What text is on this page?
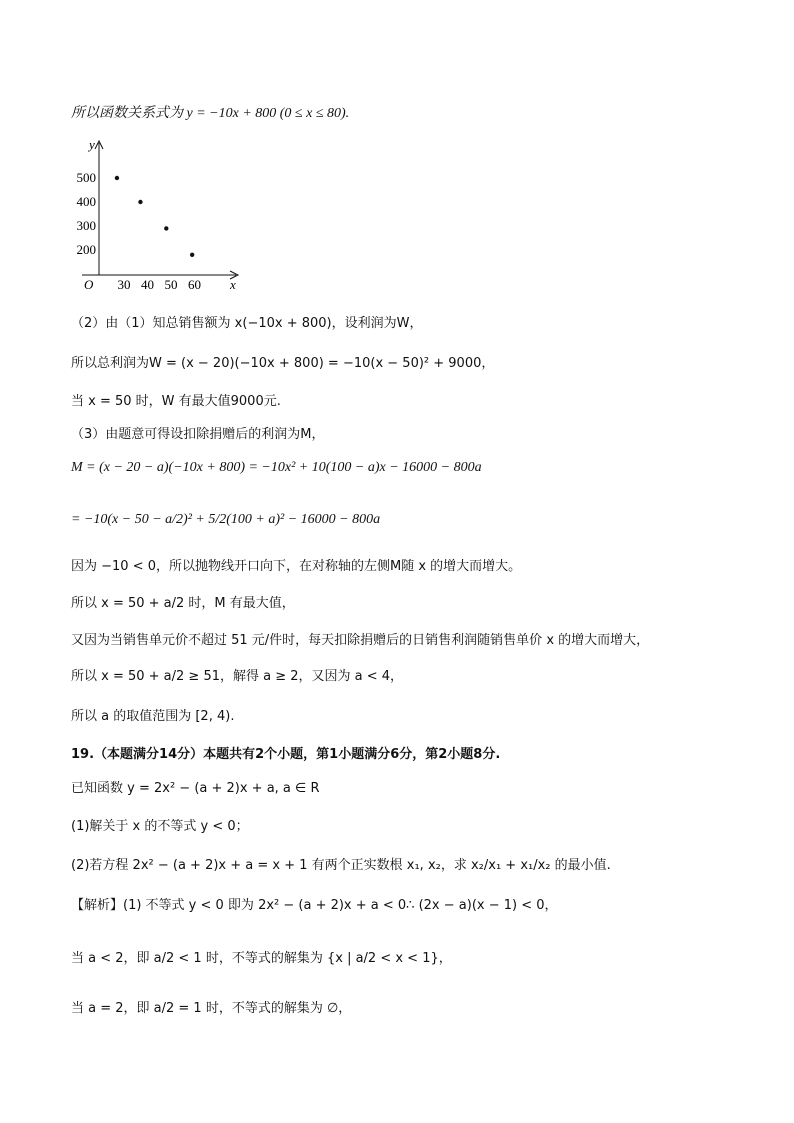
所以函数关系式为 y = −10x + 800 (0 ≤ x ≤ 80).
y
x
O 30 40 50 60
500
400
300
200
（2）由（1）知总销售额为 x(−10x + 800)，设利润为W，
所以总利润为W = (x − 20)(−10x + 800) = −10(x − 50)² + 9000，
当 x = 50 时，W 有最大值9000元.
（3）由题意可得设扣除捐赠后的利润为M，
M = (x − 20 − a)(−10x + 800) = −10x² + 10(100 − a)x − 16000 − 800a
= −10(x − 50 − a/2)² + 5/2(100 + a)² − 16000 − 800a
因为 −10 < 0，所以抛物线开口向下，在对称轴的左侧M随 x 的增大而增大。
所以 x = 50 + a/2 时，M 有最大值，
又因为当销售单元价不超过 51 元/件时，每天扣除捐赠后的日销售利润随销售单价 x 的增大而增大，
所以 x = 50 + a/2 ≥ 51，解得 a ≥ 2，又因为 a < 4，
所以 a 的取值范围为 [2, 4).
19.（本题满分14分）本题共有2个小题，第1小题满分6分，第2小题8分.
已知函数 y = 2x² − (a + 2)x + a, a ∈ R
(1)解关于 x 的不等式 y < 0；
(2)若方程 2x² − (a + 2)x + a = x + 1 有两个正实数根 x₁, x₂，求 x₂/x₁ + x₁/x₂ 的最小值.
【解析】(1) 不等式 y < 0 即为 2x² − (a + 2)x + a < 0∴ (2x − a)(x − 1) < 0，
当 a < 2，即 a/2 < 1 时，不等式的解集为 {x | a/2 < x < 1}，
当 a = 2，即 a/2 = 1 时，不等式的解集为 ∅，
